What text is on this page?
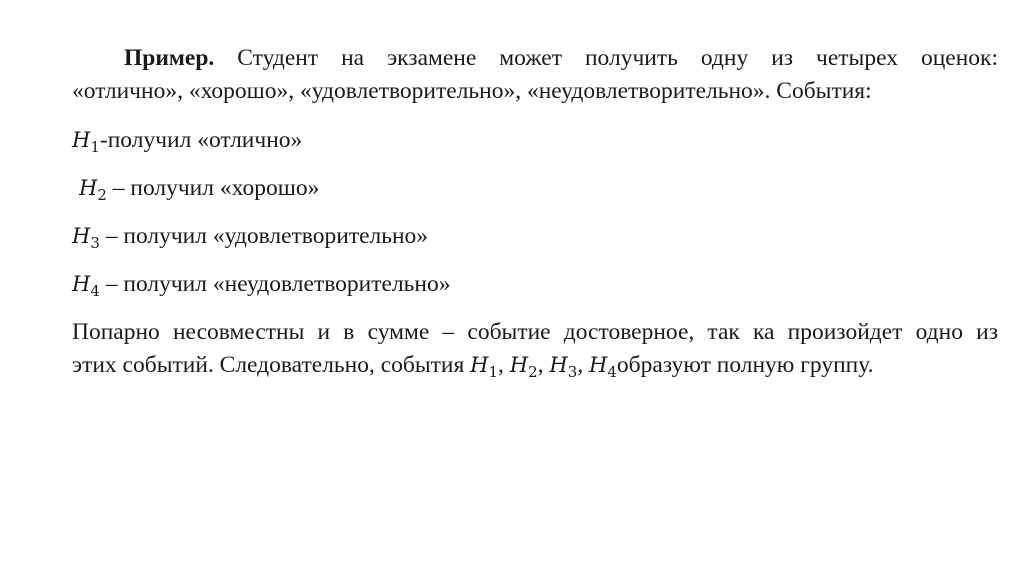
Пример. Студент на экзамене может получить одну из четырех оценок:
«отлично», «хорошо», «удовлетворительно», «неудовлетворительно». События:

$H_1$-получил «отлично»
$H_2$ – получил «хорошо»
$H_3$ – получил «удовлетворительно»
$H_4$ – получил «неудовлетворительно»

Попарно несовместны и в сумме – событие достоверное, так ка произойдет одно из
этих событий. Следовательно, события $H_1$, $H_2$, $H_3$, $H_4образуют$ полную группу.
